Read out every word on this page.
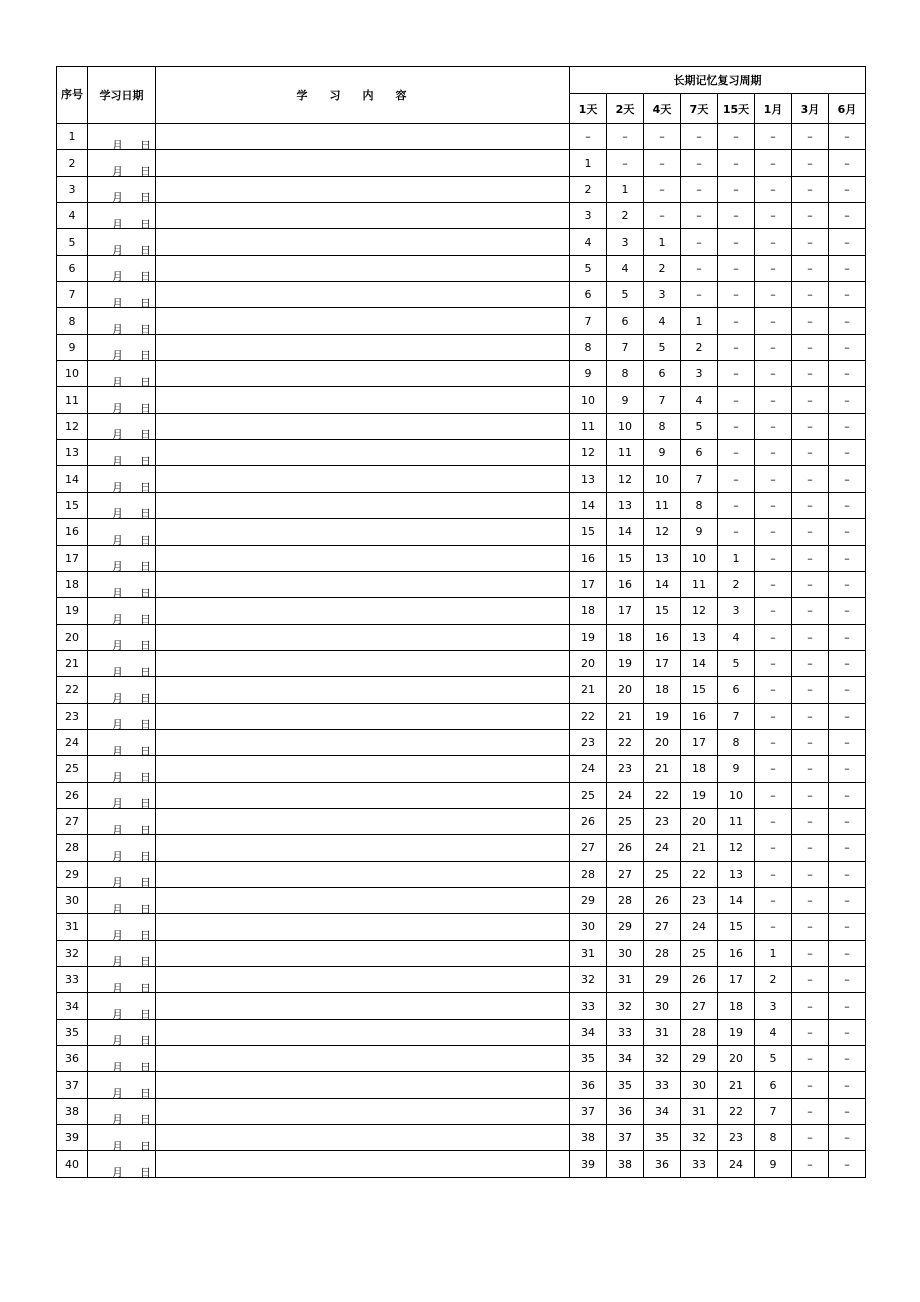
序号	学习日期	学习内容	长期记忆复习周期							
			1天	2天	4天	7天	15天	1月	3月	6月
1	月 日		–	–	–	–	–	–	–	–
2	月 日		1	–	–	–	–	–	–	–
3	月 日		2	1	–	–	–	–	–	–
4	月 日		3	2	–	–	–	–	–	–
5	月 日		4	3	1	–	–	–	–	–
6	月 日		5	4	2	–	–	–	–	–
7	月 日		6	5	3	–	–	–	–	–
8	月 日		7	6	4	1	–	–	–	–
9	月 日		8	7	5	2	–	–	–	–
10	月 日		9	8	6	3	–	–	–	–
11	月 日		10	9	7	4	–	–	–	–
12	月 日		11	10	8	5	–	–	–	–
13	月 日		12	11	9	6	–	–	–	–
14	月 日		13	12	10	7	–	–	–	–
15	月 日		14	13	11	8	–	–	–	–
16	月 日		15	14	12	9	–	–	–	–
17	月 日		16	15	13	10	1	–	–	–
18	月 日		17	16	14	11	2	–	–	–
19	月 日		18	17	15	12	3	–	–	–
20	月 日		19	18	16	13	4	–	–	–
21	月 日		20	19	17	14	5	–	–	–
22	月 日		21	20	18	15	6	–	–	–
23	月 日		22	21	19	16	7	–	–	–
24	月 日		23	22	20	17	8	–	–	–
25	月 日		24	23	21	18	9	–	–	–
26	月 日		25	24	22	19	10	–	–	–
27	月 日		26	25	23	20	11	–	–	–
28	月 日		27	26	24	21	12	–	–	–
29	月 日		28	27	25	22	13	–	–	–
30	月 日		29	28	26	23	14	–	–	–
31	月 日		30	29	27	24	15	–	–	–
32	月 日		31	30	28	25	16	1	–	–
33	月 日		32	31	29	26	17	2	–	–
34	月 日		33	32	30	27	18	3	–	–
35	月 日		34	33	31	28	19	4	–	–
36	月 日		35	34	32	29	20	5	–	–
37	月 日		36	35	33	30	21	6	–	–
38	月 日		37	36	34	31	22	7	–	–
39	月 日		38	37	35	32	23	8	–	–
40	月 日		39	38	36	33	24	9	–	–
